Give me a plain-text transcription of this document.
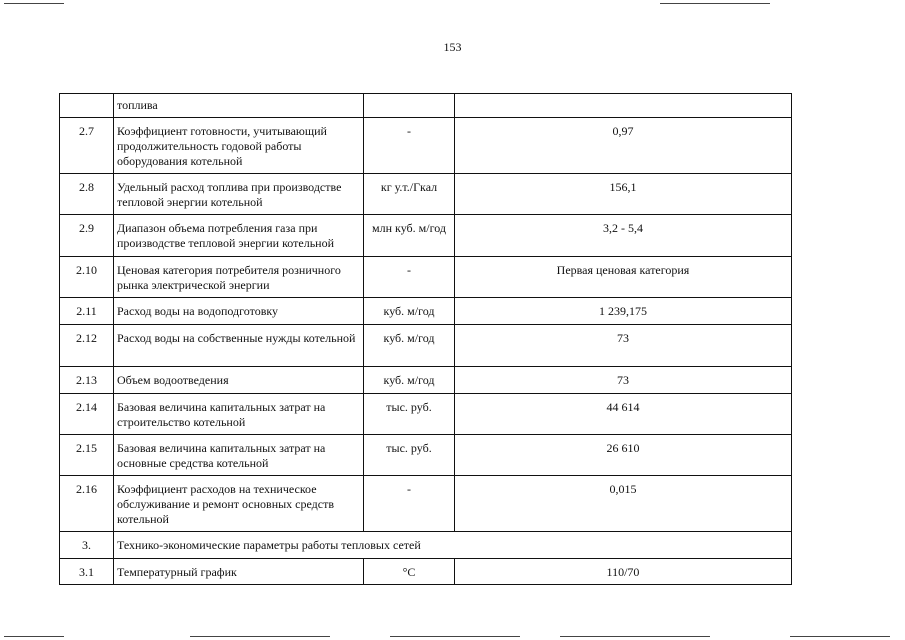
153
	топлива		
2.7	Коэффициент готовности, учитывающий продолжительность годовой работы оборудования котельной	-	0,97
2.8	Удельный расход топлива при производстве тепловой энергии котельной	кг у.т./Гкал	156,1
2.9	Диапазон объема потребления газа при производстве тепловой энергии котельной	млн куб. м/год	3,2 - 5,4
2.10	Ценовая категория потребителя розничного рынка электрической энергии	-	Первая ценовая категория
2.11	Расход воды на водоподготовку	куб. м/год	1 239,175
2.12	Расход воды на собственные нужды котельной	куб. м/год	73
2.13	Объем водоотведения	куб. м/год	73
2.14	Базовая величина капитальных затрат на строительство котельной	тыс. руб.	44 614
2.15	Базовая величина капитальных затрат на основные средства котельной	тыс. руб.	26 610
2.16	Коэффициент расходов на техническое обслуживание и ремонт основных средств котельной	-	0,015
3.	Технико-экономические параметры работы тепловых сетей		
3.1	Температурный график	°C	110/70
